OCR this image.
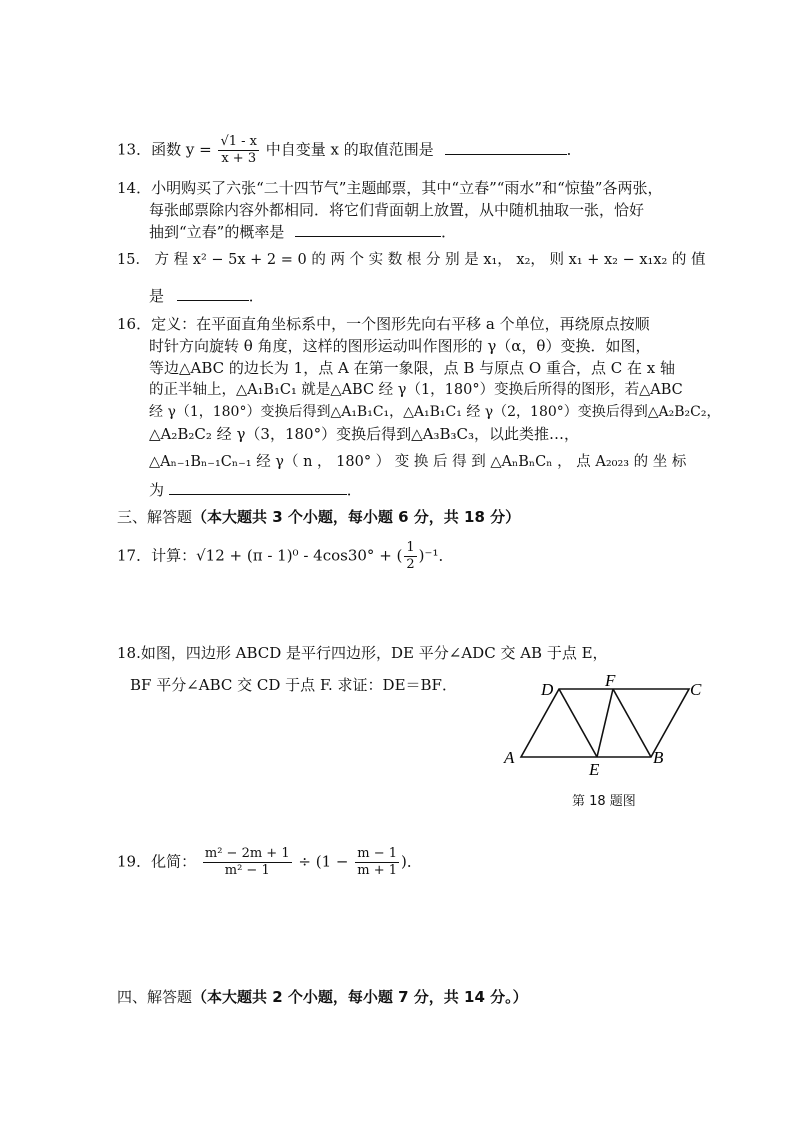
13．函数 $y = \frac{√1 - x}{x + 3}$ 中自变量 x 的取值范围是	．
14．小明购买了六张“二十四节气”主题邮票，其中“立春”“雨水”和“惊蛰”各两张，
每张邮票除内容外都相同．将它们背面朝上放置，从中随机抽取一张，恰好
抽到“立春”的概率是	．
15． 方 程 x² − 5x + 2 = 0 的 两 个 实 数 根 分 别 是 x₁， x₂， 则 x₁ + x₂ − x₁x₂ 的 值
是	．
16．定义：在平面直角坐标系中，一个图形先向右平移 a 个单位，再绕原点按顺
时针方向旋转 θ 角度，这样的图形运动叫作图形的 γ（α，θ）变换．如图，
等边△ABC 的边长为 1，点 A 在第一象限，点 B 与原点 O 重合，点 C 在 x 轴
的正半轴上，△A₁B₁C₁ 就是△ABC 经 γ（1，180°）变换后所得的图形，若△ABC
经 γ（1，180°）变换后得到△A₁B₁C₁，△A₁B₁C₁ 经 γ（2，180°）变换后得到△A₂B₂C₂，
△A₂B₂C₂ 经 γ（3，180°）变换后得到△A₃B₃C₃，以此类推…，
△Aₙ₋₁Bₙ₋₁Cₙ₋₁ 经 γ（ n ， 180° ） 变 换 后 得 到 △AₙBₙCₙ ， 点 A₂₀₂₃ 的 坐 标
为	．
三、解答题（本大题共 3 个小题，每小题 6 分，共 18 分）
17．计算：√12 + (π - 1)⁰ - 4cos30° + ( $\frac{1}{2} )^{-1}$．
18.如图，四边形 ABCD 是平行四边形，DE 平分∠ADC 交 AB 于点 E，
BF 平分∠ABC 交 CD 于点 F. 求证：DE＝BF．
A
D	F	C
E
B
第 18 题图
19．化简： $\frac{\text{m² − 2m + 1}}{\text{m² − 1}} \div (1 - \frac{m - 1}{m + 1}$ )．
四、解答题（本大题共 2 个小题，每小题 7 分，共 14 分。）
